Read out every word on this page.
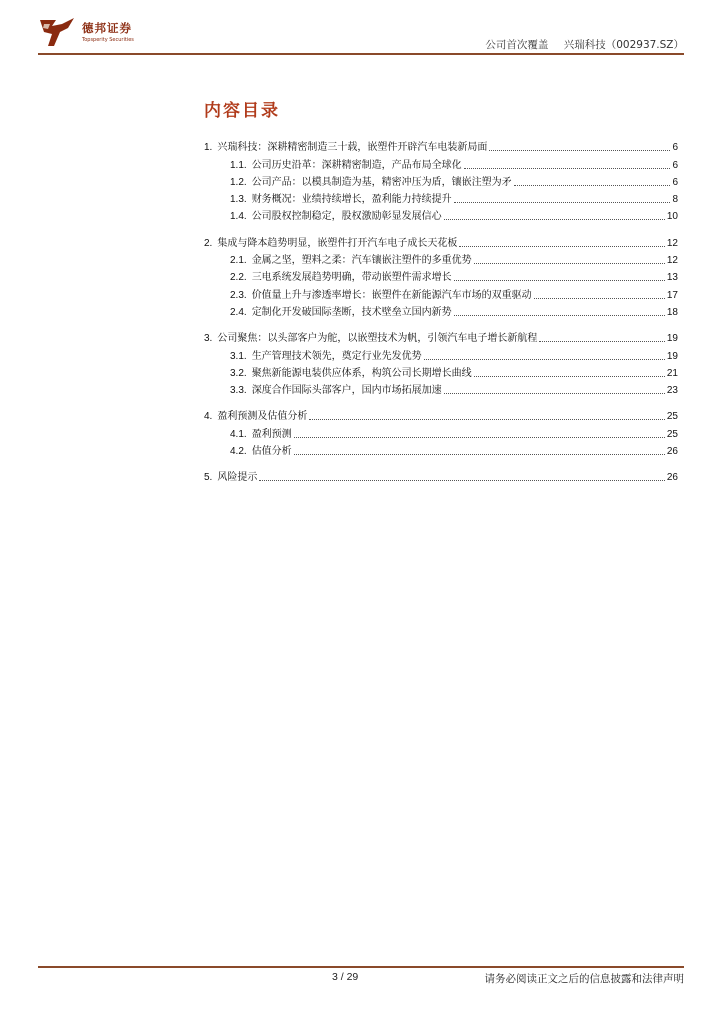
德邦证券
Topsperity Securities	公司首次覆盖 兴瑞科技（002937.SZ）
内容目录
1. 兴瑞科技：深耕精密制造三十载，嵌塑件开辟汽车电装新局面	6
1.1. 公司历史沿革：深耕精密制造，产品布局全球化	6
1.2. 公司产品：以模具制造为基，精密冲压为盾，镶嵌注塑为矛	6
1.3. 财务概况：业绩持续增长，盈利能力持续提升	8
1.4. 公司股权控制稳定，股权激励彰显发展信心	10
2. 集成与降本趋势明显，嵌塑件打开汽车电子成长天花板	12
2.1. 金属之坚，塑料之柔：汽车镶嵌注塑件的多重优势	12
2.2. 三电系统发展趋势明确，带动嵌塑件需求增长	13
2.3. 价值量上升与渗透率增长：嵌塑件在新能源汽车市场的双重驱动	17
2.4. 定制化开发破国际垄断，技术壁垒立国内新势	18
3. 公司聚焦：以头部客户为舵，以嵌塑技术为帆，引领汽车电子增长新航程	19
3.1. 生产管理技术领先，奠定行业先发优势	19
3.2. 聚焦新能源电装供应体系，构筑公司长期增长曲线	21
3.3. 深度合作国际头部客户，国内市场拓展加速	23
4. 盈利预测及估值分析	25
4.1. 盈利预测	25
4.2. 估值分析	26
5. 风险提示	26
3 / 29	请务必阅读正文之后的信息披露和法律声明
